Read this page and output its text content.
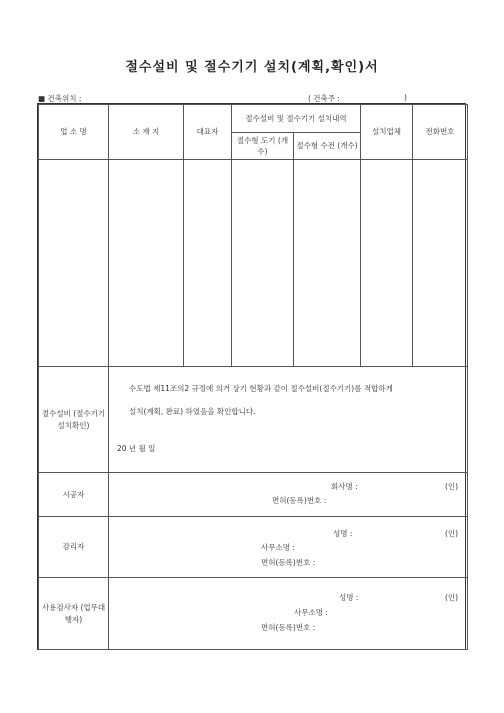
절수설비 및 절수기기 설치(계획,확인)서
■ 건축위치 :	( 건축주 :	)
업 소 명	소 재 지	대표자	절수설비 및 절수기기 설치내역		설치업체	전화번호
			절수형 도기 (개수)	절수형 수전 (개수)		

절수설비 (절수기기 설치확인)	수도법 제11조의2 규정에 의거 상기 현황과 같이 절수설비(절수기기)를 적합하게
설치(계획, 완료) 하였음을 확인합니다.
20 년 월 일					

시공자	회사명 : (인)
면허(등록)번호 :					

감리자	성명 : (인)
사무소명 :
면허(등록)번호 :					

사용검사자 (업무대행자)	성명 : (인)
사무소명 :
면허(등록)번호 :					
